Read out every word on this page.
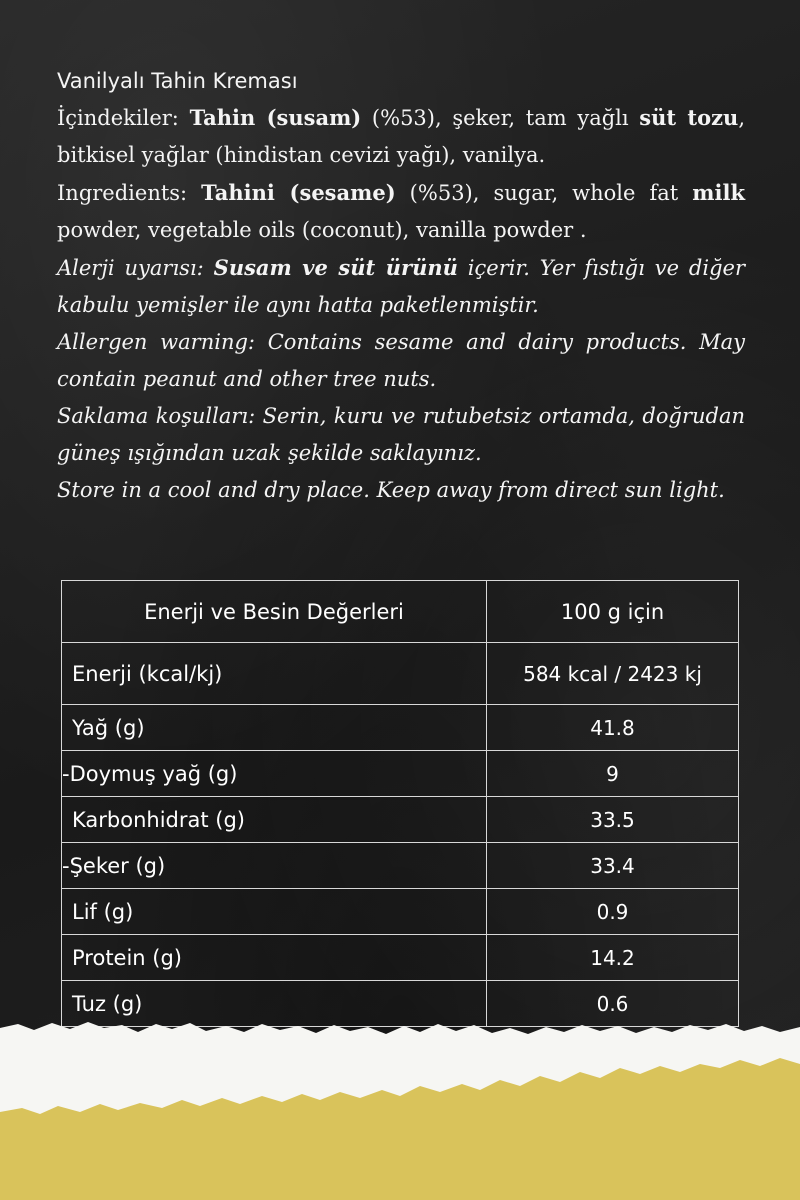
Vanilyalı Tahin Kreması

İçindekiler: Tahin (susam) (%53), şeker, tam yağlı süt tozu, bitkisel yağlar (hindistan cevizi yağı), vanilya.

Ingredients: Tahini (sesame) (%53), sugar, whole fat milk powder, vegetable oils (coconut), vanilla powder .

Alerji uyarısı: Susam ve süt ürünü içerir. Yer fıstığı ve diğer kabulu yemişler ile aynı hatta paketlenmiştir.

Allergen warning: Contains sesame and dairy products. May contain peanut and other tree nuts.

Saklama koşulları: Serin, kuru ve rutubetsiz ortamda, doğrudan güneş ışığından uzak şekilde saklayınız.

Store in a cool and dry place. Keep away from direct sun light.

Enerji ve Besin Değerleri	100 g için
Enerji (kcal/kj)	584 kcal / 2423 kj
Yağ (g)	41.8
-Doymuş yağ (g)	9
Karbonhidrat (g)	33.5
-Şeker (g)	33.4
Lif (g)	0.9
Protein (g)	14.2
Tuz (g)	0.6
